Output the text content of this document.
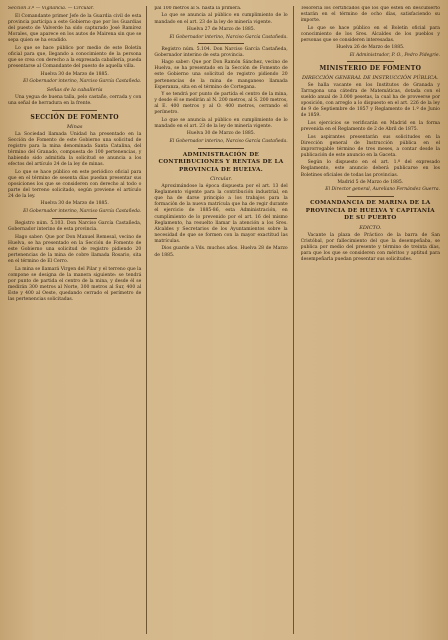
Sección 3.ª — Vigilancia. — Circular.

El Comandante primer Jefe de la Guardia civil de esta provincia participa a este Gobierno que por los Guardias del puesto de Valverde ha sido capturado José Ramírez Morales, que aparece en los autos de Mairena sin que se sepa quien se ha evadido.

Lo que se hace público por medio de este Boletín oficial para que, llegando a conocimiento de la persona que se crea con derecho a la expresada caballería, pueda presentarse al Comandante del puesto de aquella villa.

Huelva 30 de Marzo de 1885.

El Gobernador interino, Narciso García Castañeda.

Señas de la caballería

Una yegua de buena talla, pelo castaño, cerrada y con una señal de herradura en la frente.

SECCIÓN DE FOMENTO
Minas

La Sociedad llamada Unidad ha presentado en la Sección de Fomento de este Gobierno una solicitud de registro para la mina denominada Santa Catalina, del término del Granado, compuesta de 100 pertenencias, y habiendo sido admitida la solicitud se anuncia a los efectos del artículo 24 de la ley de minas.

Lo que se hace público en este periódico oficial para que en el término de sesenta días puedan presentar sus oposiciones los que se consideren con derecho al todo o parte del terreno solicitado, según previene el artículo 24 de la ley.

Huelva 30 de Marzo de 1885.

El Gobernador interino, Narciso García Castañeda.

Registro núm. 5.103. Don Narciso García Castañeda, Gobernador interino de esta provincia.

Hago saber: Que por Don Manuel Remesal, vecino de Huelva, se ha presentado en la Sección de Fomento de este Gobierno una solicitud de registro pidiendo 20 pertenencias de la mina de cobre llamada Rosario, sita en el término de El Cerro.

La mina se llamará Virgen del Pilar y el terreno que la compone se designa de la manera siguiente: se tendrá por punto de partida el centro de la mina, y desde él se medirán 300 metros al Norte, 300 metros al Sur, 400 al Este y 400 al Oeste, quedando cerrado el perímetro de las pertenencias solicitadas.

pal 100 metros al S. hasta la primera.

Lo que se anuncia al público en cumplimiento de lo mandado en el art. 23 de la ley de minería vigente.

Huelva 27 de Marzo de 1885.

El Gobernador interino, Narciso García Castañeda.

Registro núm. 5.104. Don Narciso García Castañeda, Gobernador interino de esta provincia.

Hago saber: Que por Don Ramón Sánchez, vecino de Huelva, se ha presentado en la Sección de Fomento de este Gobierno una solicitud de registro pidiendo 20 pertenencias de la mina de manganeso llamada Esperanza, sita en el término de Cortegana.

Y se tendrá por punto de partida el centro de la mina, y desde él se medirán al N. 200 metros, al S. 200 metros, al E. 400 metros y al O. 400 metros, cerrando el perímetro.

Lo que se anuncia al público en cumplimiento de lo mandado en el art. 23 de la ley de minería vigente.

Huelva 30 de Marzo de 1885.

El Gobernador interino, Narciso García Castañeda.

ADMINISTRACIÓN DE CONTRIBUCIONES Y RENTAS DE LA PROVINCIA DE HUELVA.
Circular.

Aproximándose la época dispuesta por el art. 13 del Reglamento vigente para la contribución industrial, en que ha de darse principio a los trabajos para la formación de la nueva matrícula que ha de regir durante el ejercicio de 1885-86, esta Administración, en cumplimiento de lo prevenido por el art. 16 del mismo Reglamento, ha resuelto llamar la atención a los Sres. Alcaldes y Secretarios de los Ayuntamientos sobre la necesidad de que se formen con la mayor exactitud las matrículas.

Dios guarde a Vds. muchos años. Huelva 28 de Marzo de 1885.

Tesorería los certificados que los que estén en descubierto estarán en el término de ocho días, satisfaciendo su importe.

Lo que se hace público en el Boletín oficial para conocimiento de los Sres. Alcaldes de los pueblos y personas que se consideren interesadas.

Huelva 26 de Marzo de 1885.

El Administrador, P. O., Pedro Pidegrie.

MINISTERIO DE FOMENTO
DIRECCIÓN GENERAL DE INSTRUCCIÓN PÚBLICA.

Se halla vacante en los Institutos de Granada y Tarragona una cátedra de Matemáticas, dotada con el sueldo anual de 3.000 pesetas, la cual ha de proveerse por oposición, con arreglo a lo dispuesto en el art. 226 de la ley de 9 de Septiembre de 1857 y Reglamento de 1.º de Junio de 1859.

Los ejercicios se verificarán en Madrid en la forma prevenida en el Reglamento de 2 de Abril de 1875.

Los aspirantes presentarán sus solicitudes en la Dirección general de Instrucción pública en el improrrogable término de tres meses, a contar desde la publicación de este anuncio en la Gaceta.

Según lo dispuesto en el art. 1.º del expresado Reglamento, este anuncio deberá publicarse en los Boletines oficiales de todas las provincias.

Madrid 5 de Marzo de 1885.

El Director general, Aureliano Fernández Guerra.

COMANDANCIA DE MARINA DE LA PROVINCIA DE HUELVA Y CAPITANÍA DE SU PUERTO
EDICTO.

Vacante la plaza de Práctico de la barra de San Cristóbal, por fallecimiento del que la desempeñaba, se publica por medio del presente y término de treinta días, para que los que se consideren con méritos y aptitud para desempeñarla puedan presentar sus solicitudes.
